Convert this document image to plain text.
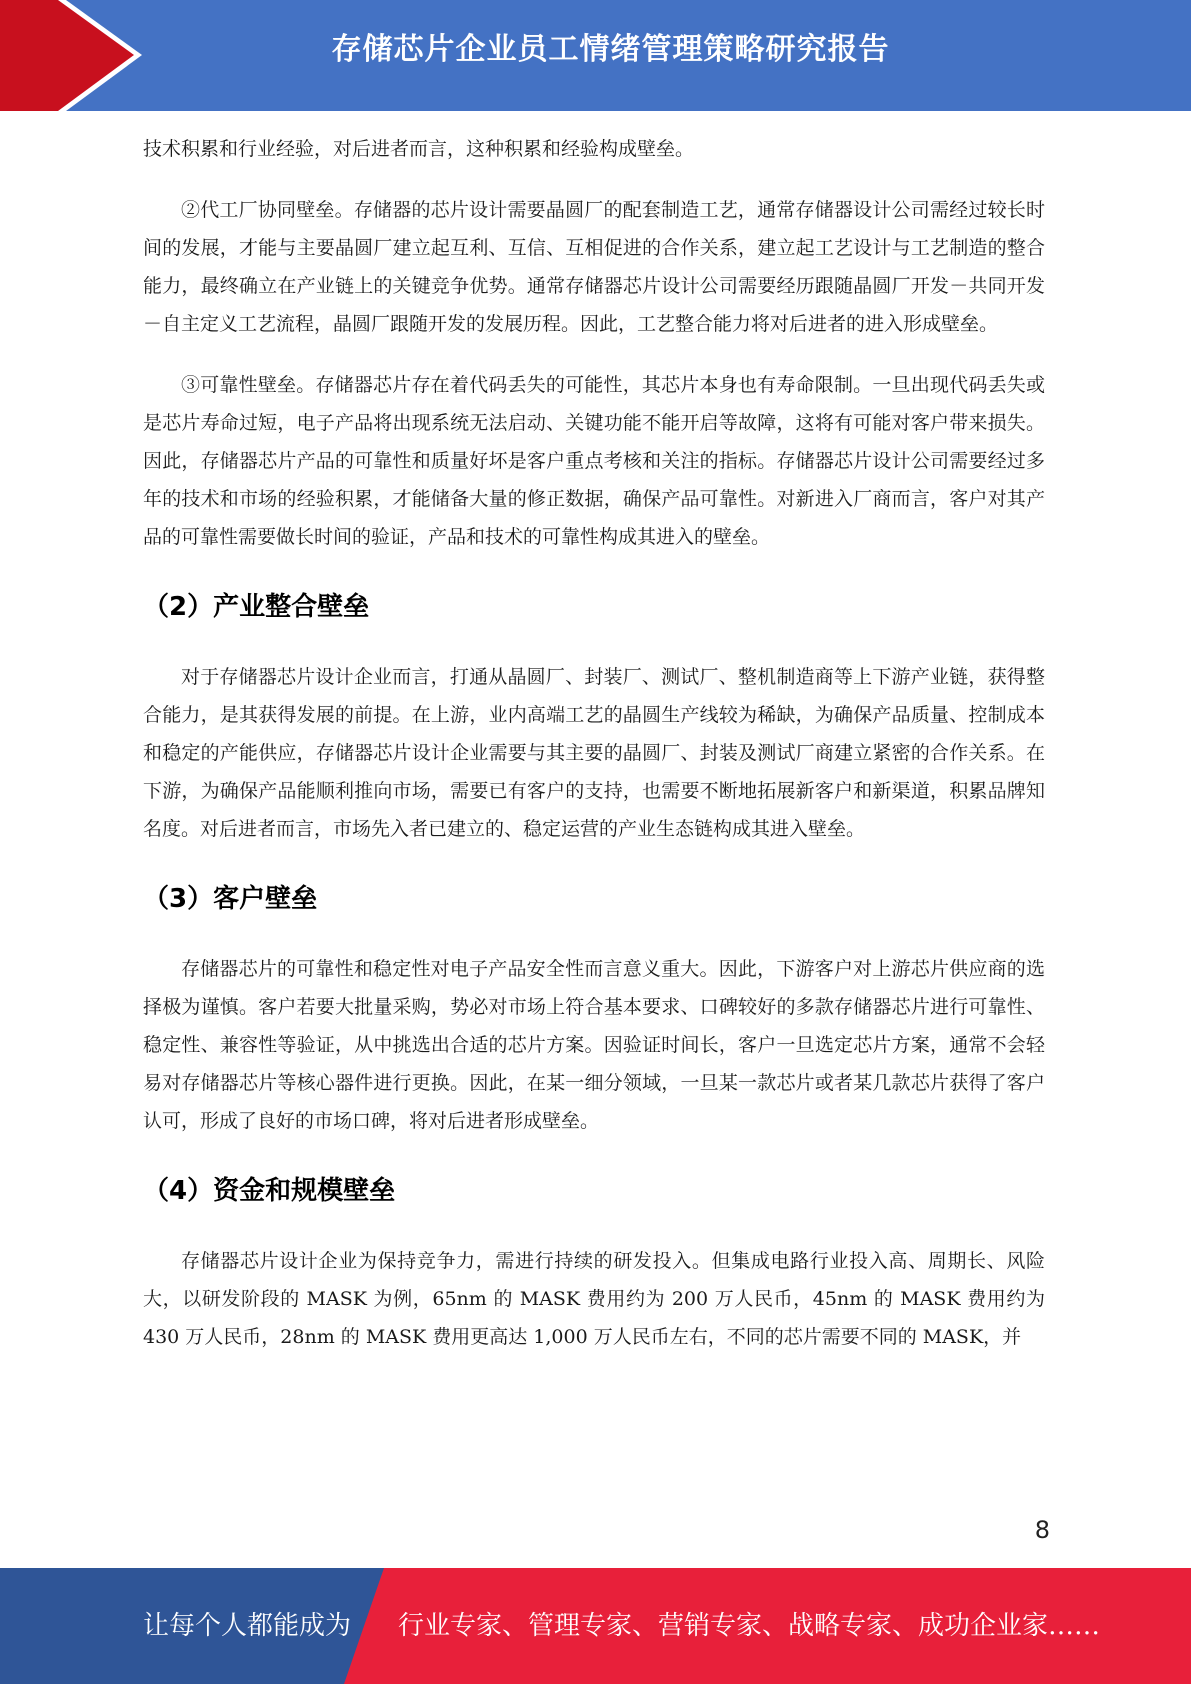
存储芯片企业员工情绪管理策略研究报告

技术积累和行业经验，对后进者而言，这种积累和经验构成壁垒。

②代工厂协同壁垒。存储器的芯片设计需要晶圆厂的配套制造工艺，通常存储器设计公司需经过较长时间的发展，才能与主要晶圆厂建立起互利、互信、互相促进的合作关系，建立起工艺设计与工艺制造的整合能力，最终确立在产业链上的关键竞争优势。通常存储器芯片设计公司需要经历跟随晶圆厂开发－共同开发－自主定义工艺流程，晶圆厂跟随开发的发展历程。因此，工艺整合能力将对后进者的进入形成壁垒。

③可靠性壁垒。存储器芯片存在着代码丢失的可能性，其芯片本身也有寿命限制。一旦出现代码丢失或是芯片寿命过短，电子产品将出现系统无法启动、关键功能不能开启等故障，这将有可能对客户带来损失。因此，存储器芯片产品的可靠性和质量好坏是客户重点考核和关注的指标。存储器芯片设计公司需要经过多年的技术和市场的经验积累，才能储备大量的修正数据，确保产品可靠性。对新进入厂商而言，客户对其产品的可靠性需要做长时间的验证，产品和技术的可靠性构成其进入的壁垒。

（2）产业整合壁垒

对于存储器芯片设计企业而言，打通从晶圆厂、封装厂、测试厂、整机制造商等上下游产业链，获得整合能力，是其获得发展的前提。在上游，业内高端工艺的晶圆生产线较为稀缺，为确保产品质量、控制成本和稳定的产能供应，存储器芯片设计企业需要与其主要的晶圆厂、封装及测试厂商建立紧密的合作关系。在下游，为确保产品能顺利推向市场，需要已有客户的支持，也需要不断地拓展新客户和新渠道，积累品牌知名度。对后进者而言，市场先入者已建立的、稳定运营的产业生态链构成其进入壁垒。

（3）客户壁垒

存储器芯片的可靠性和稳定性对电子产品安全性而言意义重大。因此，下游客户对上游芯片供应商的选择极为谨慎。客户若要大批量采购，势必对市场上符合基本要求、口碑较好的多款存储器芯片进行可靠性、稳定性、兼容性等验证，从中挑选出合适的芯片方案。因验证时间长，客户一旦选定芯片方案，通常不会轻易对存储器芯片等核心器件进行更换。因此，在某一细分领域，一旦某一款芯片或者某几款芯片获得了客户认可，形成了良好的市场口碑，将对后进者形成壁垒。

（4）资金和规模壁垒

存储器芯片设计企业为保持竞争力，需进行持续的研发投入。但集成电路行业投入高、周期长、风险大，以研发阶段的 MASK 为例，65nm 的 MASK 费用约为 200 万人民币，45nm 的 MASK 费用约为 430 万人民币，28nm 的 MASK 费用更高达 1,000 万人民币左右，不同的芯片需要不同的 MASK，并

8
让每个人都能成为 行业专家、管理专家、营销专家、战略专家、成功企业家……
